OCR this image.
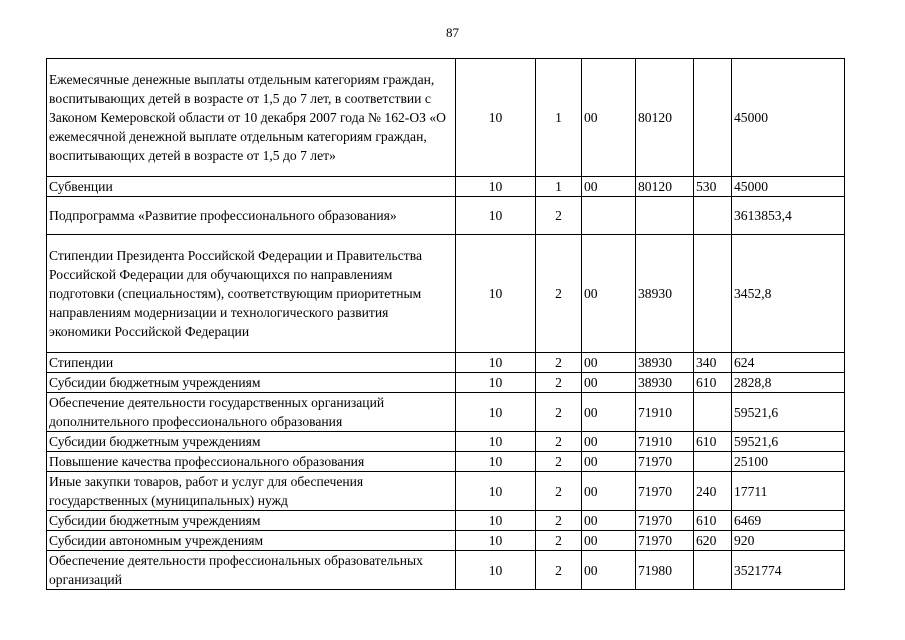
87
Ежемесячные денежные выплаты отдельным категориям граждан, воспитывающих детей в возрасте от 1,5 до 7 лет, в соответствии с Законом Кемеровской области от 10 декабря 2007 года № 162-ОЗ «О ежемесячной денежной выплате отдельным категориям граждан, воспитывающих детей в возрасте от 1,5 до 7 лет»	10	1	00	80120		45000
Субвенции	10	1	00	80120	530	45000
Подпрограмма «Развитие профессионального образования»	10	2				3613853,4
Стипендии Президента Российской Федерации и Правительства Российской Федерации для обучающихся по направлениям подготовки (специальностям), соответствующим приоритетным направлениям модернизации и технологического развития экономики Российской Федерации	10	2	00	38930		3452,8
Стипендии	10	2	00	38930	340	624
Субсидии бюджетным учреждениям	10	2	00	38930	610	2828,8
Обеспечение деятельности государственных организаций дополнительного профессионального образования	10	2	00	71910		59521,6
Субсидии бюджетным учреждениям	10	2	00	71910	610	59521,6
Повышение качества профессионального образования	10	2	00	71970		25100
Иные закупки товаров, работ и услуг для обеспечения государственных (муниципальных) нужд	10	2	00	71970	240	17711
Субсидии бюджетным учреждениям	10	2	00	71970	610	6469
Субсидии автономным учреждениям	10	2	00	71970	620	920
Обеспечение деятельности профессиональных образовательных организаций	10	2	00	71980		3521774
